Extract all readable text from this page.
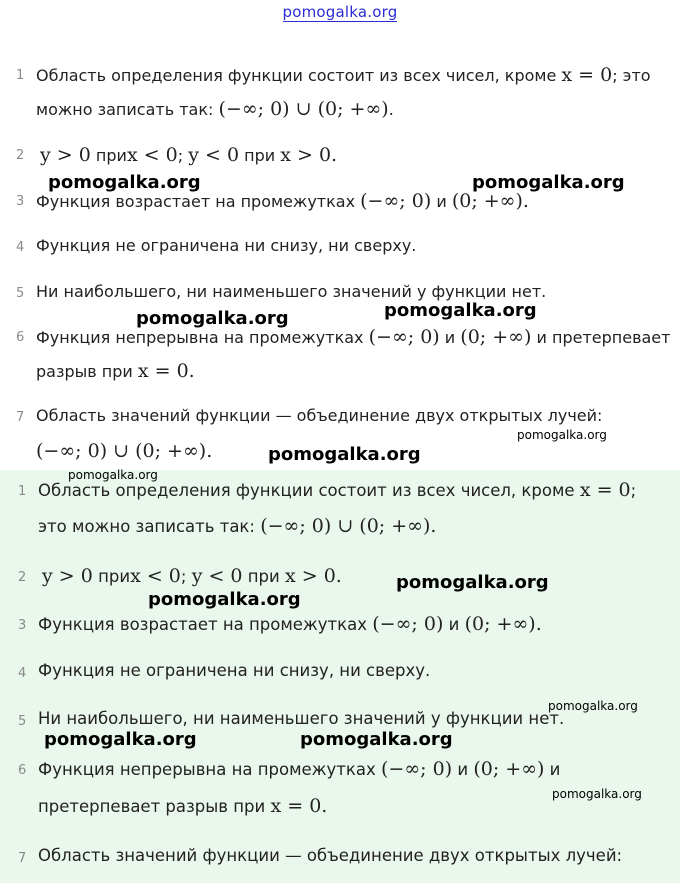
pomogalka.org
1 Область определения функции состоит из всех чисел, кроме x = 0; это
можно записать так: (−∞; 0) ∪ (0; +∞).
2 y > 0 приx < 0; y < 0 при x > 0.
3 Функция возрастает на промежутках (−∞; 0) и (0; +∞).
4 Функция не ограничена ни снизу, ни сверху.
5 Ни наибольшего, ни наименьшего значений у функции нет.
6 Функция непрерывна на промежутках (−∞; 0) и (0; +∞) и претерпевает
разрыв при x = 0.
7 Область значений функции — объединение двух открытых лучей:
(−∞; 0) ∪ (0; +∞).
1 Область определения функции состоит из всех чисел, кроме x = 0;
это можно записать так: (−∞; 0) ∪ (0; +∞).
2 y > 0 приx < 0; y < 0 при x > 0.
3 Функция возрастает на промежутках (−∞; 0) и (0; +∞).
4 Функция не ограничена ни снизу, ни сверху.
5 Ни наибольшего, ни наименьшего значений у функции нет.
6 Функция непрерывна на промежутках (−∞; 0) и (0; +∞) и
претерпевает разрыв при x = 0.
7 Область значений функции — объединение двух открытых лучей:
pomogalka.org	pomogalka.org
pomogalka.org
pomogalka.org
pomogalka.org
pomogalka.org
pomogalka.org
pomogalka.org
pomogalka.org
pomogalka.org
pomogalka.org	pomogalka.org
pomogalka.org
